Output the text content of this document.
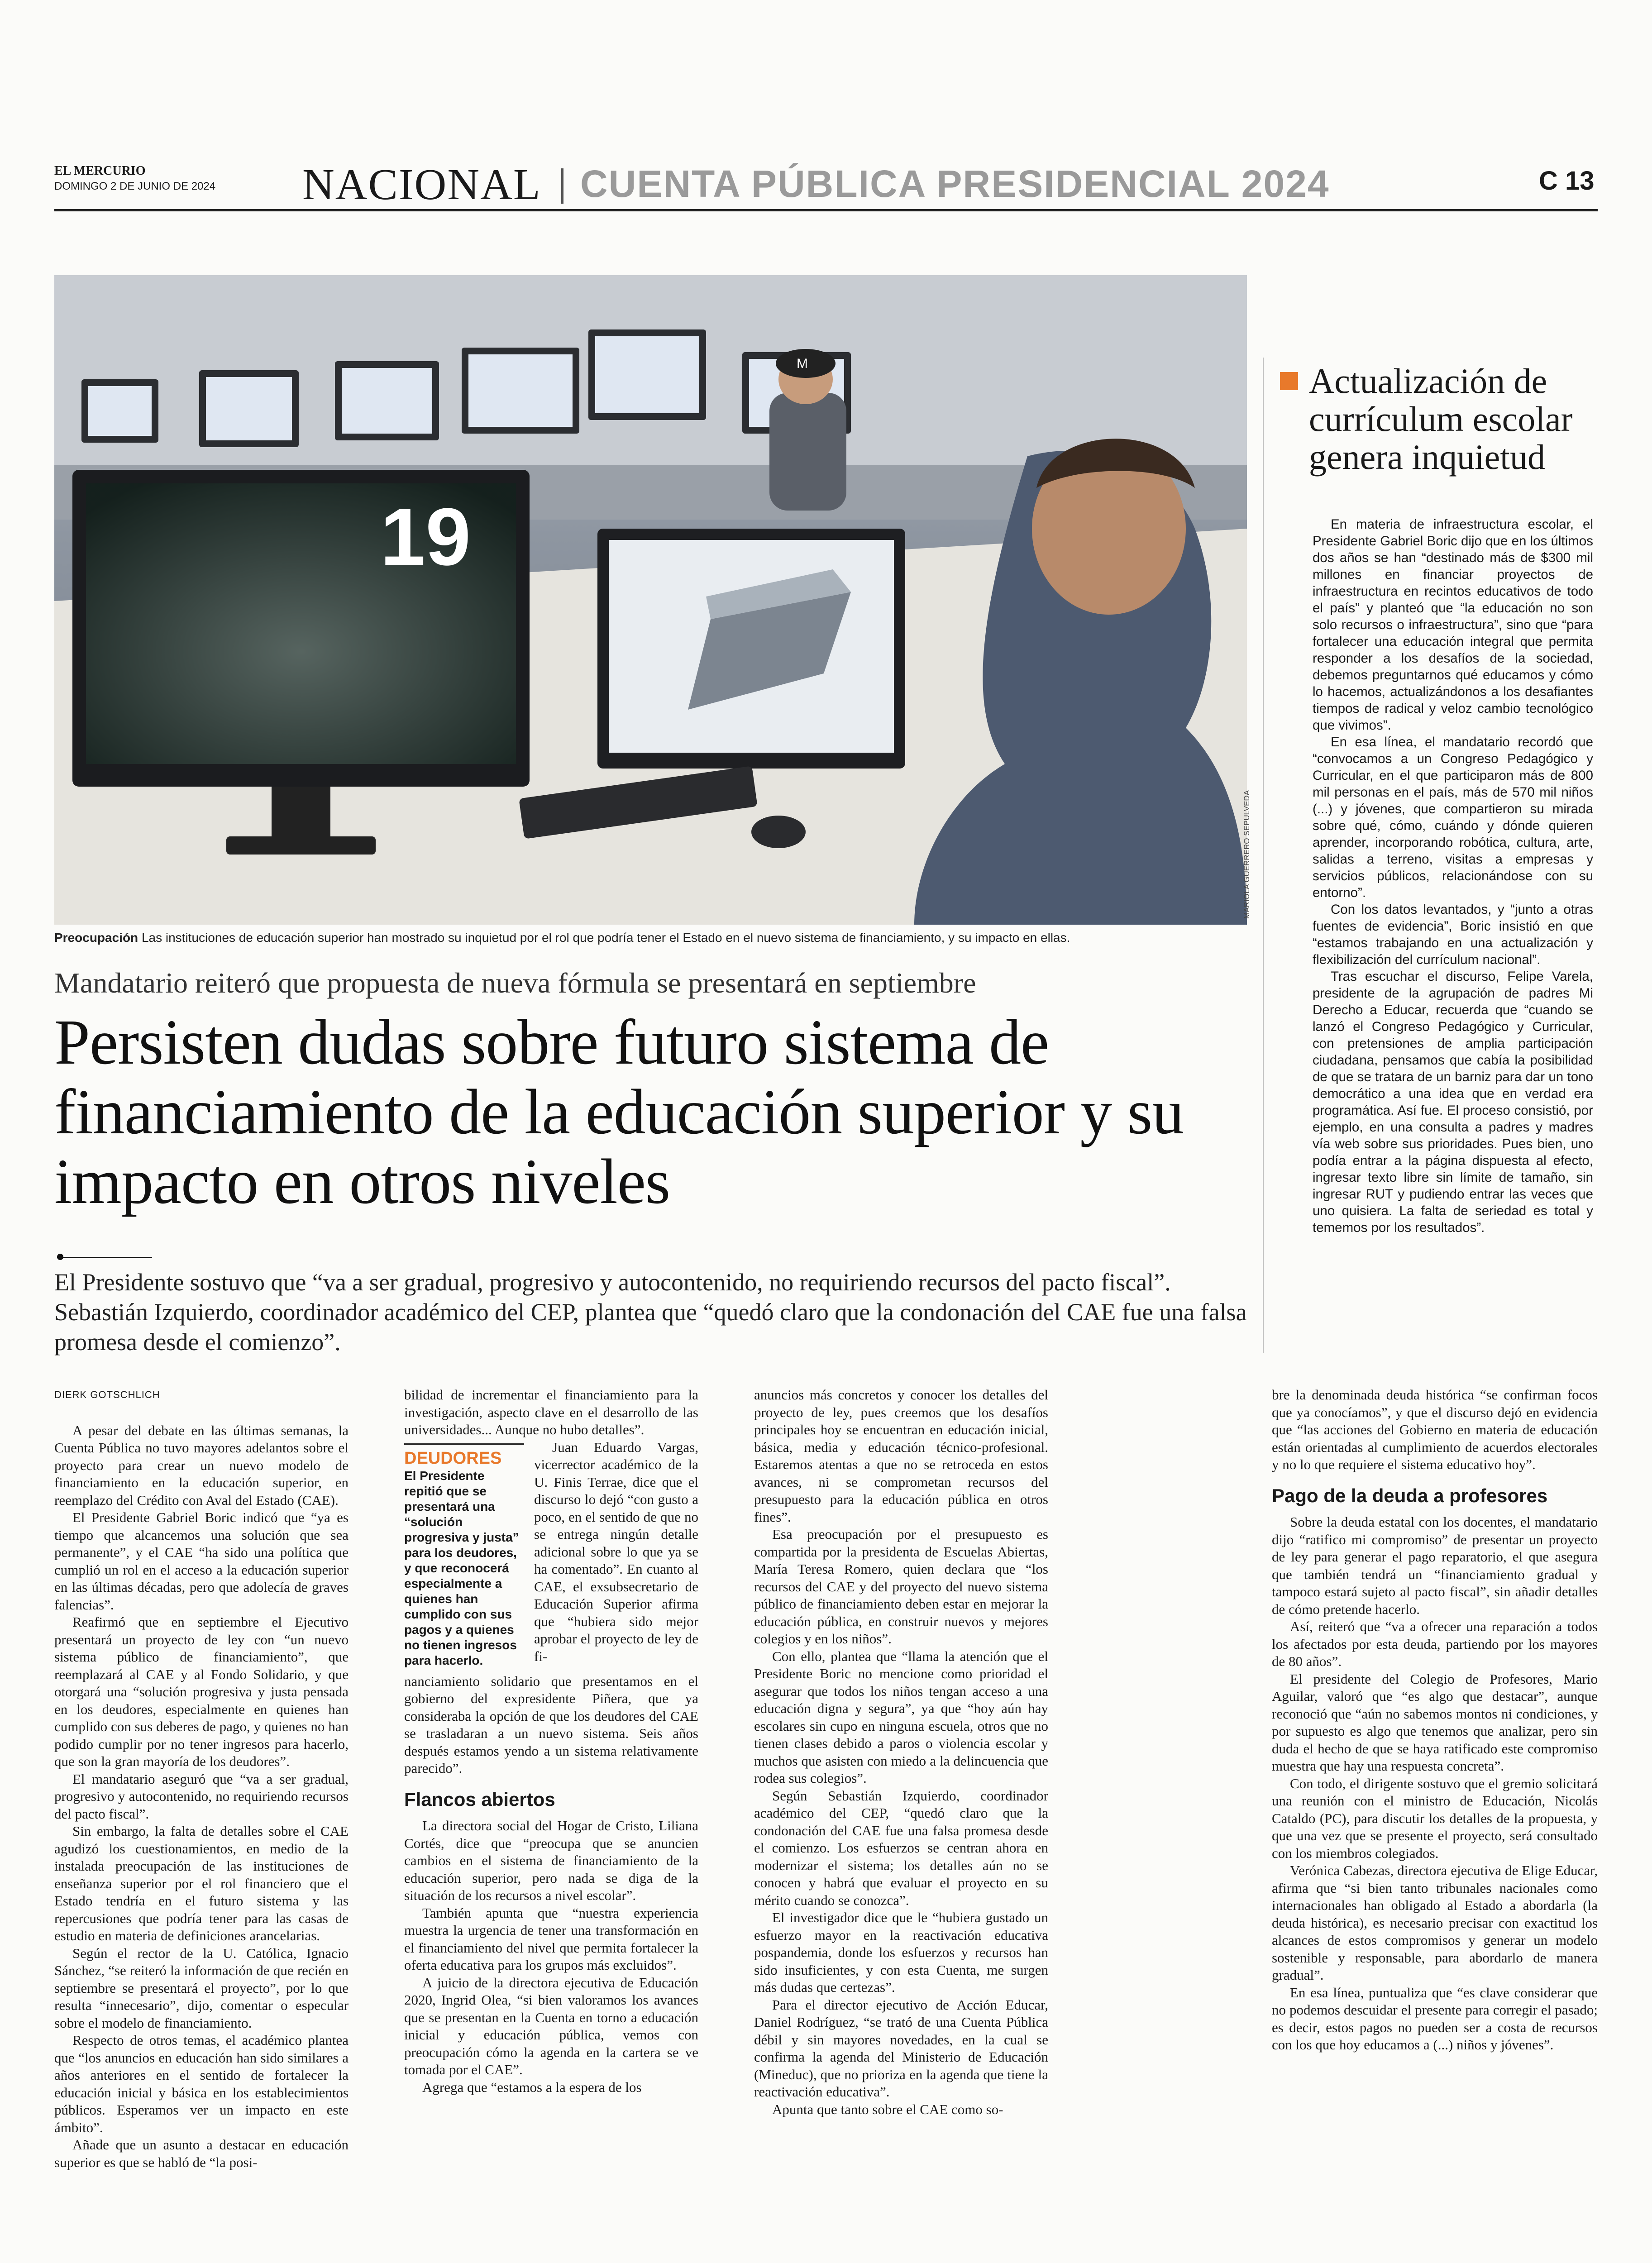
EL MERCURIO
DOMINGO 2 DE JUNIO DE 2024 NACIONAL CUENTA PÚBLICA PRESIDENCIAL 2024	C 13
19
M
MARIOLA GUERRERO SEPULVEDA
Preocupación Las instituciones de educación superior han mostrado su inquietud por el rol que podría tener el Estado en el nuevo sistema de financiamiento, y su impacto en ellas.
Mandatario reiteró que propuesta de nueva fórmula se presentará en septiembre
Persisten dudas sobre futuro sistema de financiamiento de la educación superior y su impacto en otros niveles
El Presidente sostuvo que “va a ser gradual, progresivo y autocontenido, no requiriendo recursos del pacto fiscal”. Sebastián Izquierdo, coordinador académico del CEP, plantea que “quedó claro que la condonación del CAE fue una falsa promesa desde el comienzo”.
DIERK GOTSCHLICH

A pesar del debate en las últimas semanas, la Cuenta Pública no tuvo mayores adelantos sobre el proyecto para crear un nuevo modelo de financiamiento en la educación superior, en reemplazo del Crédito con Aval del Estado (CAE).

El Presidente Gabriel Boric indicó que “ya es tiempo que alcancemos una solución que sea permanente”, y el CAE “ha sido una política que cumplió un rol en el acceso a la educación superior en las últimas décadas, pero que adolecía de graves falencias”.

Reafirmó que en septiembre el Ejecutivo presentará un proyecto de ley con “un nuevo sistema público de financiamiento”, que reemplazará al CAE y al Fondo Solidario, y que otorgará una “solución progresiva y justa pensada en los deudores, especialmente en quienes han cumplido con sus deberes de pago, y quienes no han podido cumplir por no tener ingresos para hacerlo, que son la gran mayoría de los deudores”.

El mandatario aseguró que “va a ser gradual, progresivo y autocontenido, no requiriendo recursos del pacto fiscal”.

Sin embargo, la falta de detalles sobre el CAE agudizó los cuestionamientos, en medio de la instalada preocupación de las instituciones de enseñanza superior por el rol financiero que el Estado tendría en el futuro sistema y las repercusiones que podría tener para las casas de estudio en materia de definiciones arancelarias.

Según el rector de la U. Católica, Ignacio Sánchez, “se reiteró la información de que recién en septiembre se presentará el proyecto”, por lo que resulta “innecesario”, dijo, comentar o especular sobre el modelo de financiamiento.

Respecto de otros temas, el académico plantea que “los anuncios en educación han sido similares a años anteriores en el sentido de fortalecer la educación inicial y básica en los establecimientos públicos. Esperamos ver un impacto en este ámbito”.

Añade que un asunto a destacar en educación superior es que se habló de “la posi-

bilidad de incrementar el financiamiento para la investigación, aspecto clave en el desarrollo de las universidades... Aunque no hubo detalles”.

DEUDORES
El Presidente repitió que se presentará una “solución progresiva y justa” para los deudores, y que reconocerá especialmente a quienes han cumplido con sus pagos y a quienes no tienen ingresos para hacerlo.

Juan Eduardo Vargas, vicerrector académico de la U. Finis Terrae, dice que el discurso lo dejó “con gusto a poco, en el sentido de que no se entrega ningún detalle adicional sobre lo que ya se ha comentado”. En cuanto al CAE, el exsubsecretario de Educación Superior afirma que “hubiera sido mejor aprobar el proyecto de ley de fi-

nanciamiento solidario que presentamos en el gobierno del expresidente Piñera, que ya consideraba la opción de que los deudores del CAE se trasladaran a un nuevo sistema. Seis años después estamos yendo a un sistema relativamente parecido”.

Flancos abiertos

La directora social del Hogar de Cristo, Liliana Cortés, dice que “preocupa que se anuncien cambios en el sistema de financiamiento de la educación superior, pero nada se diga de la situación de los recursos a nivel escolar”.

También apunta que “nuestra experiencia muestra la urgencia de tener una transformación en el financiamiento del nivel que permita fortalecer la oferta educativa para los grupos más excluidos”.

A juicio de la directora ejecutiva de Educación 2020, Ingrid Olea, “si bien valoramos los avances que se presentan en la Cuenta en torno a educación inicial y educación pública, vemos con preocupación cómo la agenda en la cartera se ve tomada por el CAE”.

Agrega que “estamos a la espera de los

anuncios más concretos y conocer los detalles del proyecto de ley, pues creemos que los desafíos principales hoy se encuentran en educación inicial, básica, media y educación técnico-profesional. Estaremos atentas a que no se retroceda en estos avances, ni se comprometan recursos del presupuesto para la educación pública en otros fines”.

Esa preocupación por el presupuesto es compartida por la presidenta de Escuelas Abiertas, María Teresa Romero, quien declara que “los recursos del CAE y del proyecto del nuevo sistema público de financiamiento deben estar en mejorar la educación pública, en construir nuevos y mejores colegios y en los niños”.

Con ello, plantea que “llama la atención que el Presidente Boric no mencione como prioridad el asegurar que todos los niños tengan acceso a una educación digna y segura”, ya que “hoy aún hay escolares sin cupo en ninguna escuela, otros que no tienen clases debido a paros o violencia escolar y muchos que asisten con miedo a la delincuencia que rodea sus colegios”.

Según Sebastián Izquierdo, coordinador académico del CEP, “quedó claro que la condonación del CAE fue una falsa promesa desde el comienzo. Los esfuerzos se centran ahora en modernizar el sistema; los detalles aún no se conocen y habrá que evaluar el proyecto en su mérito cuando se conozca”.

El investigador dice que le “hubiera gustado un esfuerzo mayor en la reactivación educativa pospandemia, donde los esfuerzos y recursos han sido insuficientes, y con esta Cuenta, me surgen más dudas que certezas”.

Para el director ejecutivo de Acción Educar, Daniel Rodríguez, “se trató de una Cuenta Pública débil y sin mayores novedades, en la cual se confirma la agenda del Ministerio de Educación (Mineduc), que no prioriza en la agenda que tiene la reactivación educativa”.

Apunta que tanto sobre el CAE como so-

bre la denominada deuda histórica “se confirman focos que ya conocíamos”, y que el discurso dejó en evidencia que “las acciones del Gobierno en materia de educación están orientadas al cumplimiento de acuerdos electorales y no lo que requiere el sistema educativo hoy”.

Pago de la deuda a profesores

Sobre la deuda estatal con los docentes, el mandatario dijo “ratifico mi compromiso” de presentar un proyecto de ley para generar el pago reparatorio, el que asegura que también tendrá un “financiamiento gradual y tampoco estará sujeto al pacto fiscal”, sin añadir detalles de cómo pretende hacerlo.

Así, reiteró que “va a ofrecer una reparación a todos los afectados por esta deuda, partiendo por los mayores de 80 años”.

El presidente del Colegio de Profesores, Mario Aguilar, valoró que “es algo que destacar”, aunque reconoció que “aún no sabemos montos ni condiciones, y por supuesto es algo que tenemos que analizar, pero sin duda el hecho de que se haya ratificado este compromiso muestra que hay una respuesta concreta”.

Con todo, el dirigente sostuvo que el gremio solicitará una reunión con el ministro de Educación, Nicolás Cataldo (PC), para discutir los detalles de la propuesta, y que una vez que se presente el proyecto, será consultado con los miembros colegiados.

Verónica Cabezas, directora ejecutiva de Elige Educar, afirma que “si bien tanto tribunales nacionales como internacionales han obligado al Estado a abordarla (la deuda histórica), es necesario precisar con exactitud los alcances de estos compromisos y generar un modelo sostenible y responsable, para abordarlo de manera gradual”.

En esa línea, puntualiza que “es clave considerar que no podemos descuidar el presente para corregir el pasado; es decir, estos pagos no pueden ser a costa de recursos con los que hoy educamos a (...) niños y jóvenes”.

Actualización de currículum escolar genera inquietud

En materia de infraestructura escolar, el Presidente Gabriel Boric dijo que en los últimos dos años se han “destinado más de $300 mil millones en financiar proyectos de infraestructura en recintos educativos de todo el país” y planteó que “la educación no son solo recursos o infraestructura”, sino que “para fortalecer una educación integral que permita responder a los desafíos de la sociedad, debemos preguntarnos qué educamos y cómo lo hacemos, actualizándonos a los desafiantes tiempos de radical y veloz cambio tecnológico que vivimos”.

En esa línea, el mandatario recordó que “convocamos a un Congreso Pedagógico y Curricular, en el que participaron más de 800 mil personas en el país, más de 570 mil niños (...) y jóvenes, que compartieron su mirada sobre qué, cómo, cuándo y dónde quieren aprender, incorporando robótica, cultura, arte, salidas a terreno, visitas a empresas y servicios públicos, relacionándose con su entorno”.

Con los datos levantados, y “junto a otras fuentes de evidencia”, Boric insistió en que “estamos trabajando en una actualización y flexibilización del currículum nacional”.

Tras escuchar el discurso, Felipe Varela, presidente de la agrupación de padres Mi Derecho a Educar, recuerda que “cuando se lanzó el Congreso Pedagógico y Curricular, con pretensiones de amplia participación ciudadana, pensamos que cabía la posibilidad de que se tratara de un barniz para dar un tono democrático a una idea que en verdad era programática. Así fue. El proceso consistió, por ejemplo, en una consulta a padres y madres vía web sobre sus prioridades. Pues bien, uno podía entrar a la página dispuesta al efecto, ingresar texto libre sin límite de tamaño, sin ingresar RUT y pudiendo entrar las veces que uno quisiera. La falta de seriedad es total y tememos por los resultados”.
